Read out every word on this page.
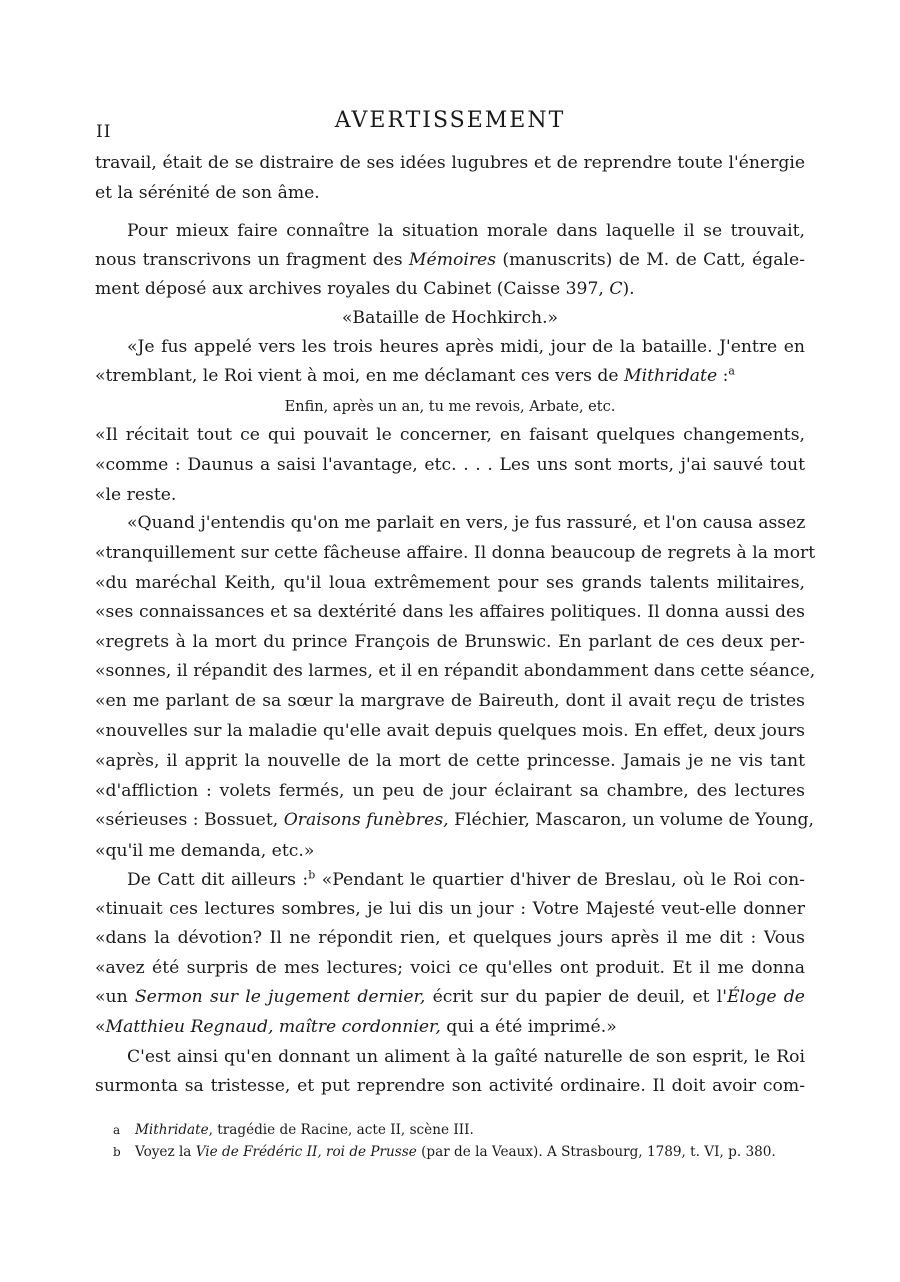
II	AVERTISSEMENT
travail, était de se distraire de ses idées lugubres et de reprendre toute l'énergie
et la sérénité de son âme.
Pour mieux faire connaître la situation morale dans laquelle il se trouvait,
nous transcrivons un fragment des Mémoires (manuscrits) de M. de Catt, égale-
ment déposé aux archives royales du Cabinet (Caisse 397, C).
«Bataille de Hochkirch.»
«Je fus appelé vers les trois heures après midi, jour de la bataille. J'entre en
«tremblant, le Roi vient à moi, en me déclamant ces vers de Mithridate :$^a$
Enfin, après un an, tu me revois, Arbate, etc.
«Il récitait tout ce qui pouvait le concerner, en faisant quelques changements,
«comme : Daunus a saisi l'avantage, etc. . . . Les uns sont morts, j'ai sauvé tout
«le reste.
«Quand j'entendis qu'on me parlait en vers, je fus rassuré, et l'on causa assez
«tranquillement sur cette fâcheuse affaire. Il donna beaucoup de regrets à la mort
«du maréchal Keith, qu'il loua extrêmement pour ses grands talents militaires,
«ses connaissances et sa dextérité dans les affaires politiques. Il donna aussi des
«regrets à la mort du prince François de Brunswic. En parlant de ces deux per-
«sonnes, il répandit des larmes, et il en répandit abondamment dans cette séance,
«en me parlant de sa sœur la margrave de Baireuth, dont il avait reçu de tristes
«nouvelles sur la maladie qu'elle avait depuis quelques mois. En effet, deux jours
«après, il apprit la nouvelle de la mort de cette princesse. Jamais je ne vis tant
«d'affliction : volets fermés, un peu de jour éclairant sa chambre, des lectures
«sérieuses : Bossuet, Oraisons funèbres, Fléchier, Mascaron, un volume de Young,
«qu'il me demanda, etc.»
De Catt dit ailleurs :$^b$ «Pendant le quartier d'hiver de Breslau, où le Roi con-
«tinuait ces lectures sombres, je lui dis un jour : Votre Majesté veut-elle donner
«dans la dévotion? Il ne répondit rien, et quelques jours après il me dit : Vous
«avez été surpris de mes lectures; voici ce qu'elles ont produit. Et il me donna
«un Sermon sur le jugement dernier, écrit sur du papier de deuil, et l'Éloge de
«Matthieu Regnaud, maître cordonnier, qui a été imprimé.»
C'est ainsi qu'en donnant un aliment à la gaîté naturelle de son esprit, le Roi
surmonta sa tristesse, et put reprendre son activité ordinaire. Il doit avoir com-
a Mithridate, tragédie de Racine, acte II, scène III.
b Voyez la Vie de Frédéric II, roi de Prusse (par de la Veaux). A Strasbourg, 1789, t. VI, p. 380.
